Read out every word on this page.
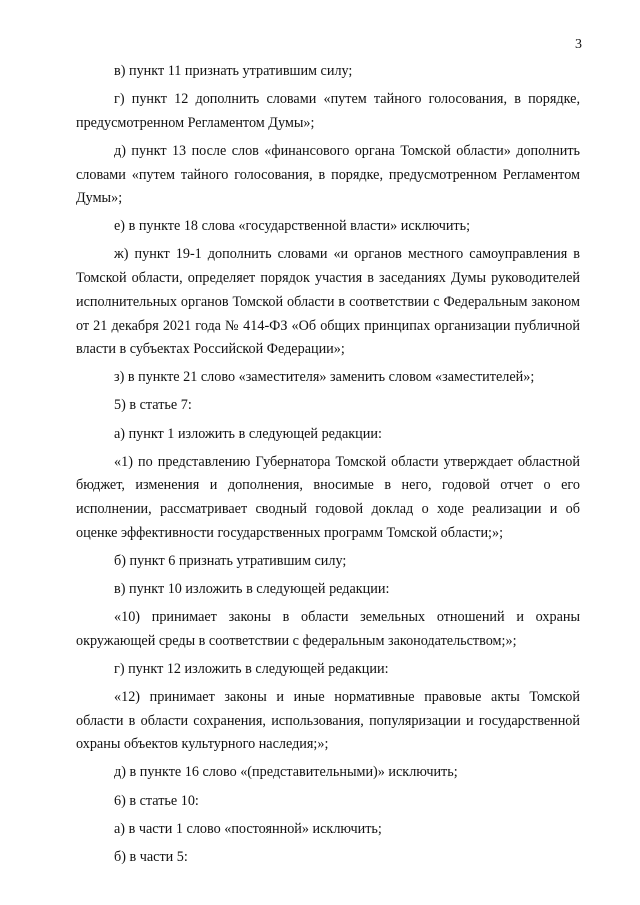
3

в) пункт 11 признать утратившим силу;

г) пункт 12 дополнить словами «путем тайного голосования, в порядке, предусмотренном Регламентом Думы»;

д) пункт 13 после слов «финансового органа Томской области» дополнить словами «путем тайного голосования, в порядке, предусмотренном Регламентом Думы»;

е) в пункте 18 слова «государственной власти» исключить;

ж) пункт 19-1 дополнить словами «и органов местного самоуправления в Томской области, определяет порядок участия в заседаниях Думы руководителей исполнительных органов Томской области в соответствии с Федеральным законом от 21 декабря 2021 года № 414-ФЗ «Об общих принципах организации публичной власти в субъектах Российской Федерации»;

з) в пункте 21 слово «заместителя» заменить словом «заместителей»;

5) в статье 7:

а) пункт 1 изложить в следующей редакции:

«1) по представлению Губернатора Томской области утверждает областной бюджет, изменения и дополнения, вносимые в него, годовой отчет о его исполнении, рассматривает сводный годовой доклад о ходе реализации и об оценке эффективности государственных программ Томской области;»;

б) пункт 6 признать утратившим силу;

в) пункт 10 изложить в следующей редакции:

«10) принимает законы в области земельных отношений и охраны окружающей среды в соответствии с федеральным законодательством;»;

г) пункт 12 изложить в следующей редакции:

«12) принимает законы и иные нормативные правовые акты Томской области в области сохранения, использования, популяризации и государственной охраны объектов культурного наследия;»;

д) в пункте 16 слово «(представительными)» исключить;

6) в статье 10:

а) в части 1 слово «постоянной» исключить;

б) в части 5:
